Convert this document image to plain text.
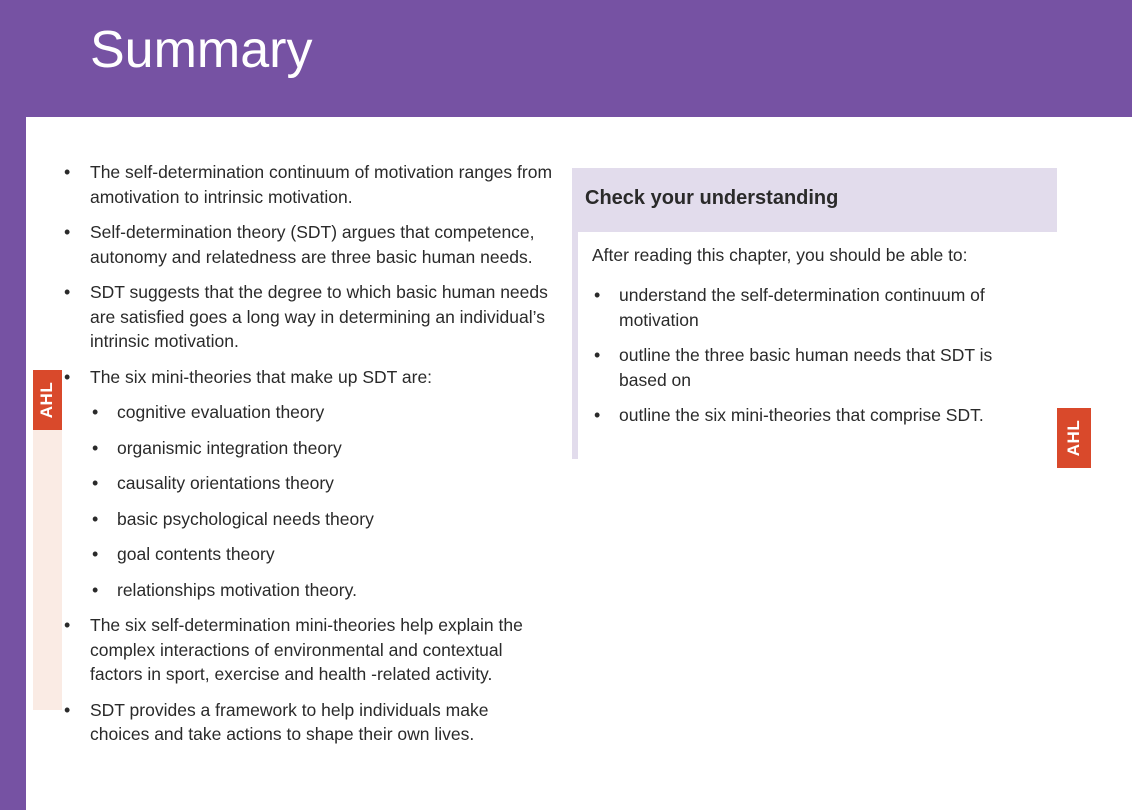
Summary
AHL
• The self-determination continuum of motivation ranges from amotivation to intrinsic motivation.
• Self-determination theory (SDT) argues that competence, autonomy and relatedness are three basic human needs.
• SDT suggests that the degree to which basic human needs are satisfied goes a long way in determining an individual’s intrinsic motivation.
• The six mini-theories that make up SDT are:
• cognitive evaluation theory
• organismic integration theory
• causality orientations theory
• basic psychological needs theory
• goal contents theory
• relationships motivation theory.
• The six self-determination mini-theories help explain the complex interactions of environmental and contextual factors in sport, exercise and health -related activity.
• SDT provides a framework to help individuals make choices and take actions to shape their own lives.
Check your understanding

After reading this chapter, you should be able to:

• understand the self-determination continuum of motivation
• outline the three basic human needs that SDT is based on
• outline the six mini-theories that comprise SDT.
AHL
